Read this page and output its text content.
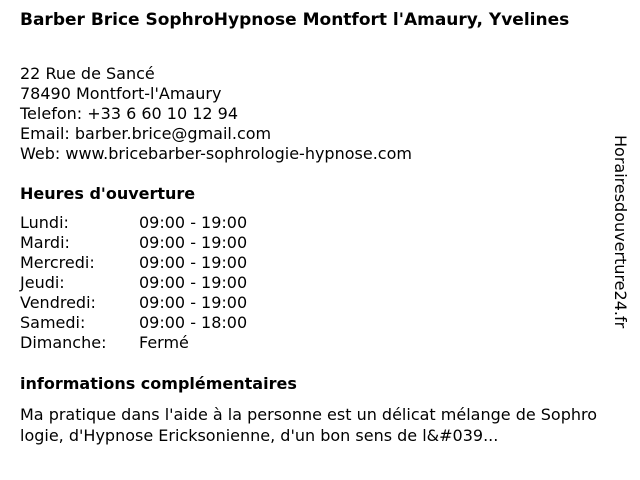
Barber Brice SophroHypnose Montfort l'Amaury, Yvelines
22 Rue de Sancé
78490 Montfort-l'Amaury
Telefon: +33 6 60 10 12 94
Email: barber.brice@gmail.com
Web: www.bricebarber-sophrologie-hypnose.com
Heures d'ouverture
Lundi:	09:00 - 19:00
Mardi:	09:00 - 19:00
Mercredi:	09:00 - 19:00
Jeudi:	09:00 - 19:00
Vendredi:	09:00 - 19:00
Samedi:	09:00 - 18:00
Dimanche: Fermé
informations complémentaires
Ma pratique dans l'aide à la personne est un délicat mélange de Sophrologie, d'Hypnose Ericksonienne, d'un bon sens de l&#039...
Horairesdouverture24.fr
